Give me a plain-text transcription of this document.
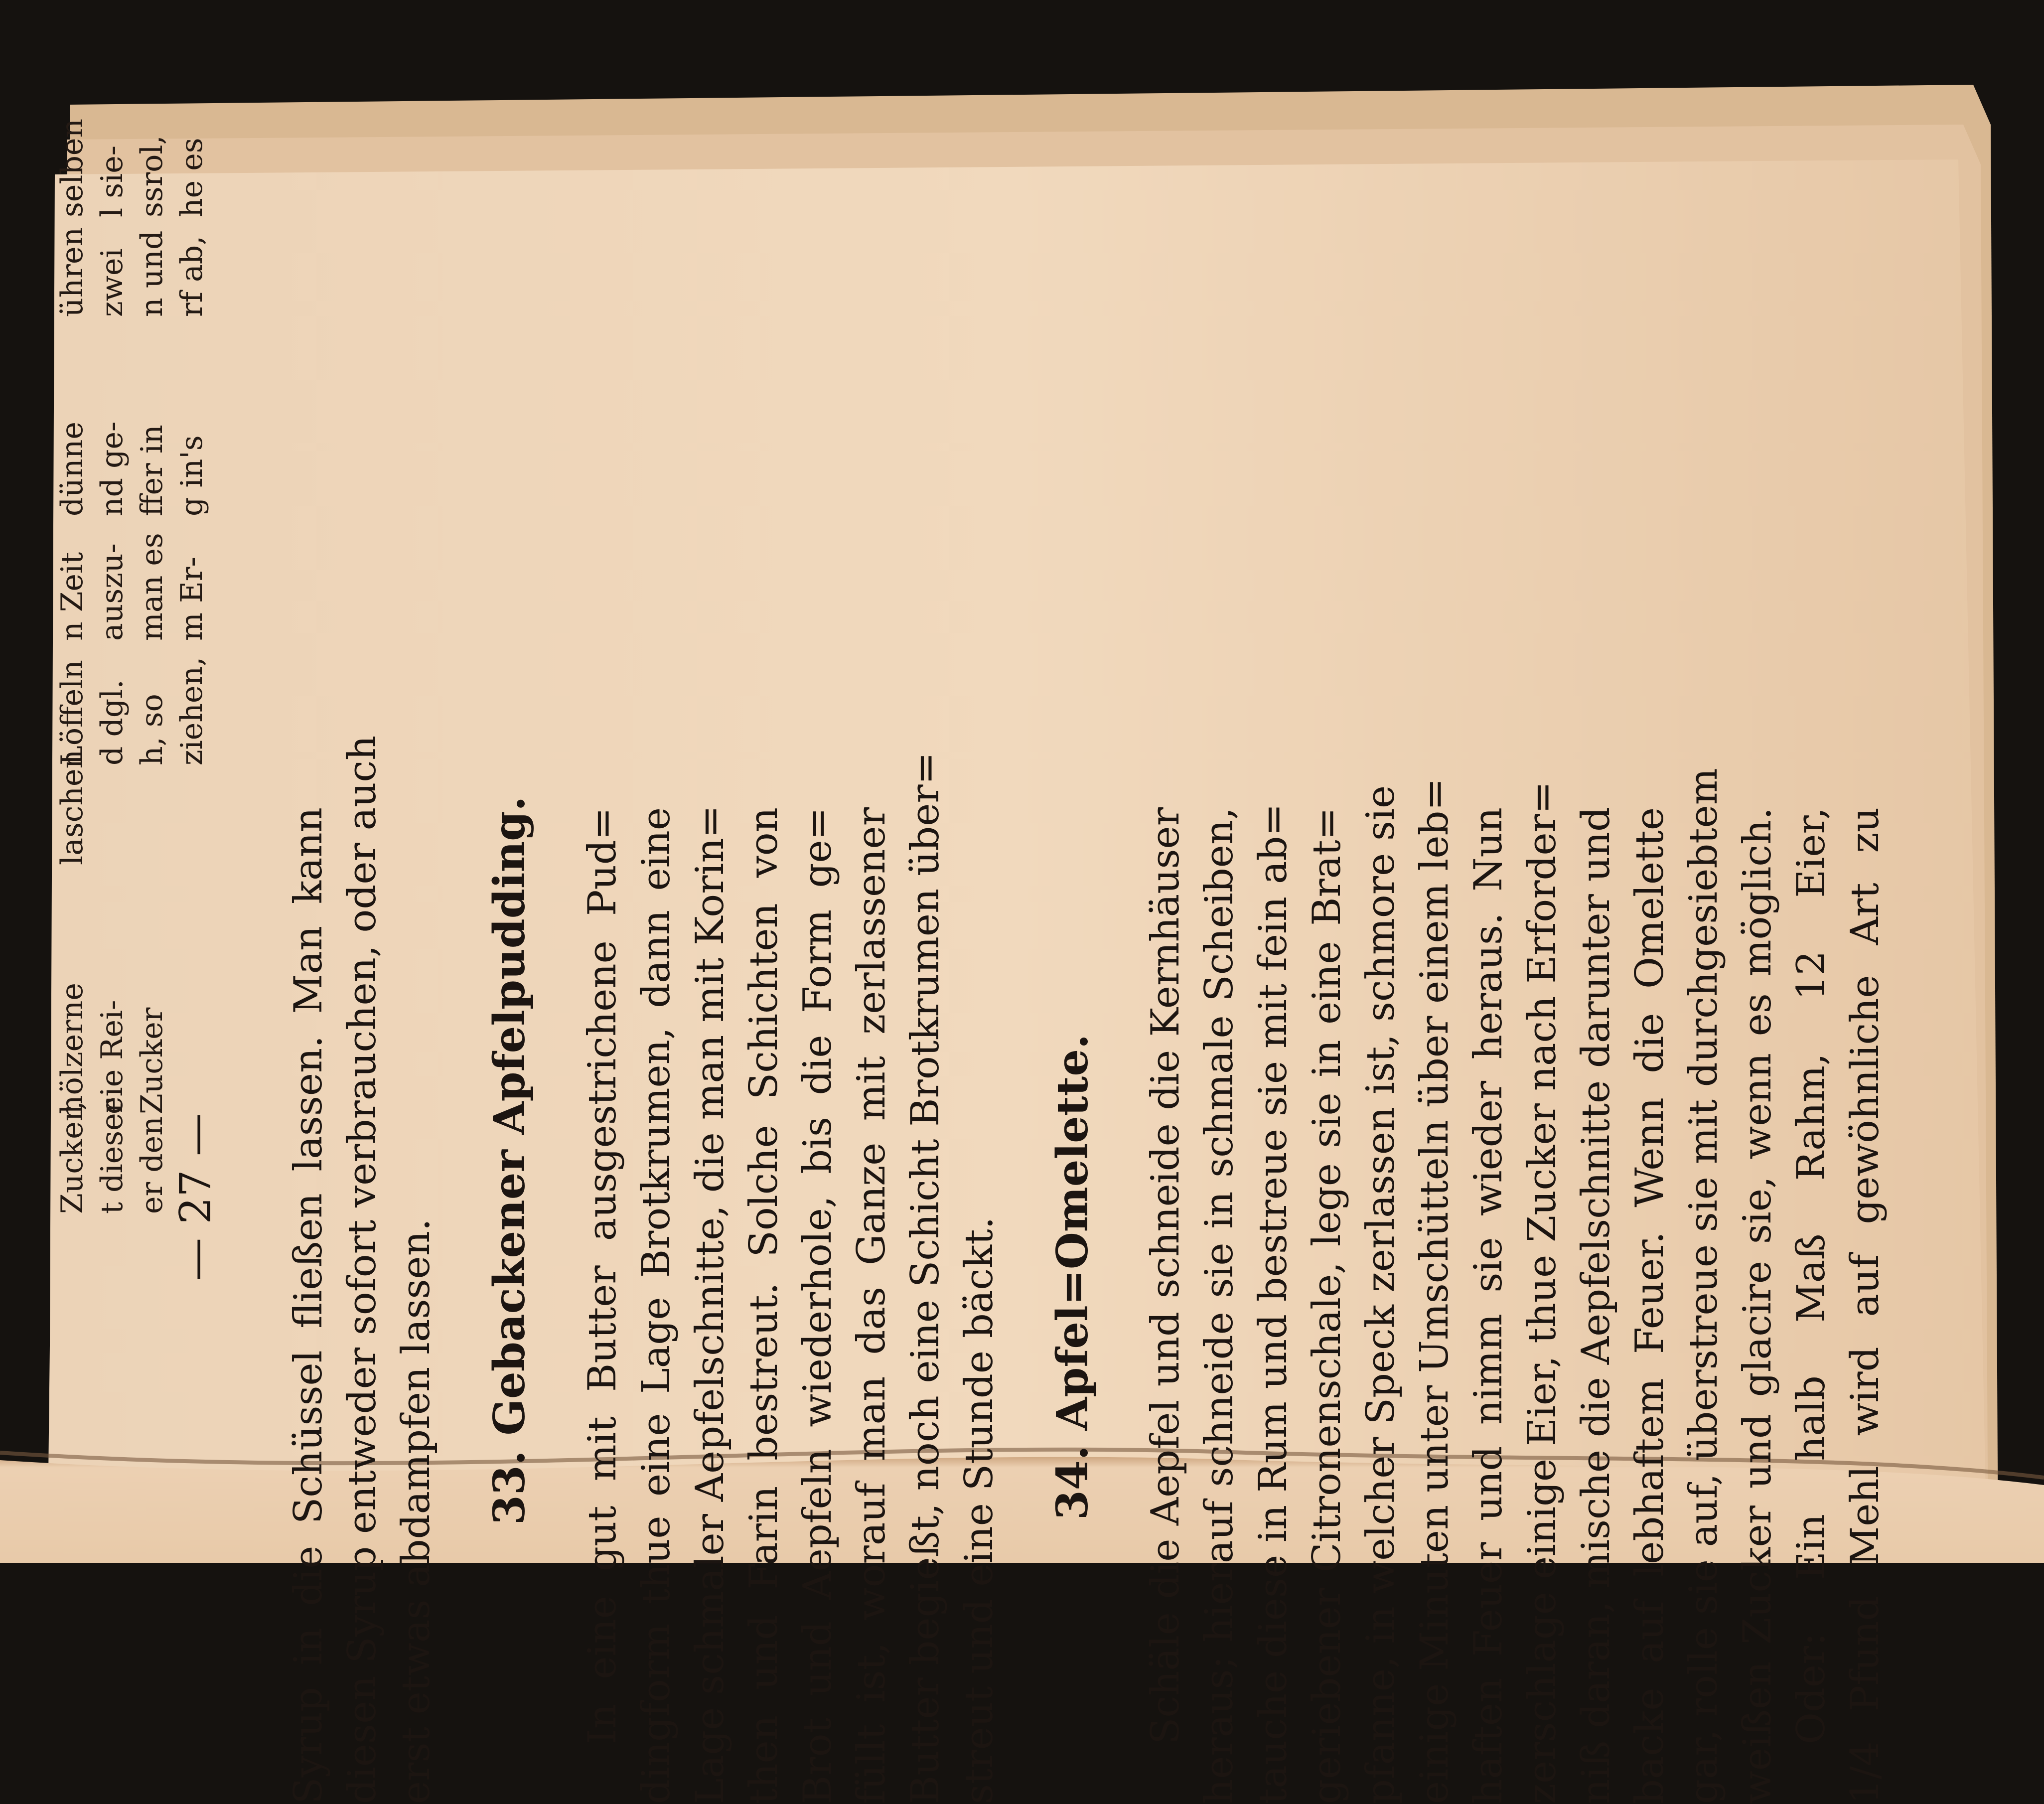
— 27 — Syrup in die Schüssel fließen lassen. Man kann diesen Syrup entweder sofort verbrauchen, oder auch erst etwas abdampfen lassen. 33. Gebackener Apfelpudding. In eine gut mit Butter ausgestrichene Pud= dingform thue eine Lage Brotkrumen, dann eine Lage schmaler Aepfelschnitte, die man mit Korin= then und Farin bestreut. Solche Schichten von Brot und Aepfeln wiederhole, bis die Form ge= füllt ist, worauf man das Ganze mit zerlassener Butter begießt, noch eine Schicht Brotkrumen über= streut und eine Stunde bäckt. 34. Apfel=Omelette. Schäle die Aepfel und schneide die Kernhäuser heraus; hierauf schneide sie in schmale Scheiben, tauche diese in Rum und bestreue sie mit fein ab= geriebener Citronenschale, lege sie in eine Brat= pfanne, in welcher Speck zerlassen ist, schmore sie einige Minuten unter Umschütteln über einem leb= haften Feuer und nimm sie wieder heraus. Nun zerschlage einige Eier, thue Zucker nach Erforder= niß daran, mische die Aepfelschnitte darunter und backe auf lebhaftem Feuer. Wenn die Omelette gar, rolle sie auf, überstreue sie mit durchgesiebtem weißen Zucker und glacire sie, wenn es möglich. Oder: Ein halb Maß Rahm, 12 Eier, 1/4 Pfund Mehl wird auf gewöhnliche Art zu
selben l sie- ssrol, he es
ühren zwei n und rf ab,
dünne nd ge- ffer in g in's
n Zeit auszu- man es m Er-
Löffeln d dgl. h, so ziehen,
laschen
hölzerne eie Rei- Zucker
Zucker, t dieser er den
